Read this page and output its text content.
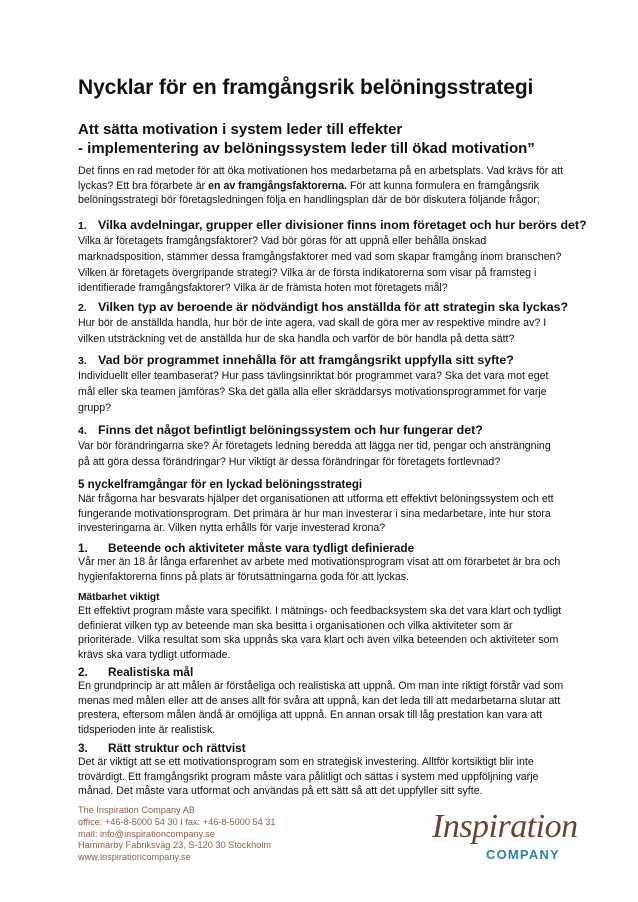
Nycklar för en framgångsrik belöningsstrategi
Att sätta motivation i system leder till effekter
- implementering av belöningssystem leder till ökad motivation”

Det finns en rad metoder för att öka motivationen hos medarbetarna på en arbetsplats. Vad krävs för att lyckas? Ett bra förarbete är en av framgångsfaktorerna. För att kunna formulera en framgångsrik belöningsstrategi bör företagsledningen följa en handlingsplan där de bör diskutera följande frågor;

1. Vilka avdelningar, grupper eller divisioner finns inom företaget och hur berörs det?

Vilka är företagets framgångsfaktorer? Vad bör göras för att uppnå eller behålla önskad marknadsposition, stämmer dessa framgångsfaktorer med vad som skapar framgång inom branschen? Vilken är företagets övergripande strategi? Vilka är de första indikatorerna som visar på framsteg i identifierade framgångsfaktorer? Vilka är de främsta hoten mot företagets mål?

2. Vilken typ av beroende är nödvändigt hos anställda för att strategin ska lyckas?

Hur bör de anställda handla, hur bör de inte agera, vad skall de göra mer av respektive mindre av? I vilken utsträckning vet de anställda hur de ska handla och varför de bör handla på detta sätt?

3. Vad bör programmet innehålla för att framgångsrikt uppfylla sitt syfte?

Individuellt eller teambaserat? Hur pass tävlingsinriktat bör programmet vara? Ska det vara mot eget mål eller ska teamen jämföras? Ska det gälla alla eller skräddarsys motivationsprogrammet för varje grupp?

4. Finns det något befintligt belöningssystem och hur fungerar det?

Var bör förändringarna ske? Är företagets ledning beredda att lägga ner tid, pengar och ansträngning på att göra dessa förändringar? Hur viktigt är dessa förändringar för företagets fortlevnad?

5 nyckelframgångar för en lyckad belöningsstrategi

När frågorna har besvarats hjälper det organisationen att utforma ett effektivt belöningssystem och ett fungerande motivationsprogram. Det primära är hur man investerar i sina medarbetare, inte hur stora investeringarna är. Vilken nytta erhålls för varje investerad krona?

1. Beteende och aktiviteter måste vara tydligt definierade

Vår mer än 18 år långa erfarenhet av arbete med motivationsprogram visat att om förarbetet är bra och hygienfaktorerna finns på plats är förutsättningarna goda för att lyckas.

Mätbarhet viktigt

Ett effektivt program måste vara specifikt. I mätnings- och feedbacksystem ska det vara klart och tydligt definierat vilken typ av beteende man ska besitta i organisationen och vilka aktiviteter som är prioriterade. Vilka resultat som ska uppnås ska vara klart och även vilka beteenden och aktiviteter som krävs ska vara tydligt utformade.

2. Realistiska mål

En grundprincip är att målen är förståeliga och realistiska att uppnå. Om man inte riktigt förstår vad som menas med målen eller att de anses allt för svåra att uppnå, kan det leda till att medarbetarna slutar att prestera, eftersom målen ändå är omöjliga att uppnå. En annan orsak till låg prestation kan vara att tidsperioden inte är realistisk.

3. Rätt struktur och rättvist

Det är viktigt att se ett motivationsprogram som en strategisk investering. Alltför kortsiktigt blir inte trovärdigt. Ett framgångsrikt program måste vara pålitligt och sättas i system med uppföljning varje månad. Det måste vara utformat och användas på ett sätt så att det uppfyller sitt syfte.

The Inspiration Company AB
office: +46-8-5000 54 30 I fax: +46-8-5000 54 31
mail: info@inspirationcompany.se
Hammarby Fabriksväg 23, S-120 30 Stockholm
www.inspirationcompany.se
Inspiration
COMPANY
